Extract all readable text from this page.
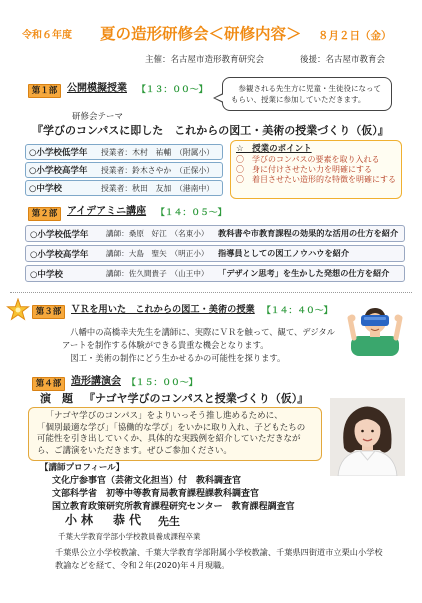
令和６年度 夏の造形研修会＜研修内容＞ ８月２日（金）
主催：名古屋市造形教育研究会	後援：名古屋市教育会
第１部 公開模擬授業 【１３：００～】	参観される先生方に児童・生徒役になってもらい、授業に参加していただきます。
研修会テーマ
『学びのコンパスに即した　これからの図工・美術の授業づくり（仮）』
○小学校低学年	授業者：木村　祐輔　（附属小）
○小学校高学年	授業者：鈴木さやか　（正保小）
○中学校	授業者：秋田　友加　（港南中）
☆　授業のポイント
〇　学びのコンパスの要素を取り入れる
〇　身に付けさせたい力を明確にする
〇　着目させたい造形的な特徴を明確にする
第２部 アイデアミニ講座 【１４：０５～】
○小学校低学年	講師：桑原　好江　（名東小）	教科書や市教育課程の効果的な活用の仕方を紹介
○小学校高学年	講師：大島　聖矢　（明正小）	指導員としての図工ノウハウを紹介
○中学校	講師：佐久間貴子　（山王中）	「デザイン思考」を生かした発想の仕方を紹介
第３部	ＶＲを用いた　これからの図工・美術の授業 【１４：４０～】

八幡中の高橋幸夫先生を講師に、実際にＶＲを触って、観て、デジタルアートを制作する体験ができる貴重な機会となります。

図工・美術の制作にどう生かせるかの可能性を探ります。

第４部 造形講演会 【１５：００～】
演　題 『ナゴヤ学びのコンパスと授業づくり（仮）』

「ナゴヤ学びのコンパス」をよりいっそう推し進めるために、

「個別最適な学び」「協働的な学び」をいかに取り入れ、子どもたちの可能性を引き出していくか、具体的な実践例を紹介していただきながら、ご講演をいただきます。ぜひご参加ください。

【講師プロフィール】
文化庁参事官（芸術文化担当）付　教科調査官
文部科学省　初等中等教育局教育課程課教科調査官
国立教育政策研究所教育課程研究センター　教育課程調査官
小林　恭代 先生
千葉大学教育学部小学校教員養成課程卒業
千葉県公立小学校教諭、千葉大学教育学部附属小学校教諭、千葉県四街道市立栗山小学校教諭などを経て、令和２年(2020)年４月現職。
